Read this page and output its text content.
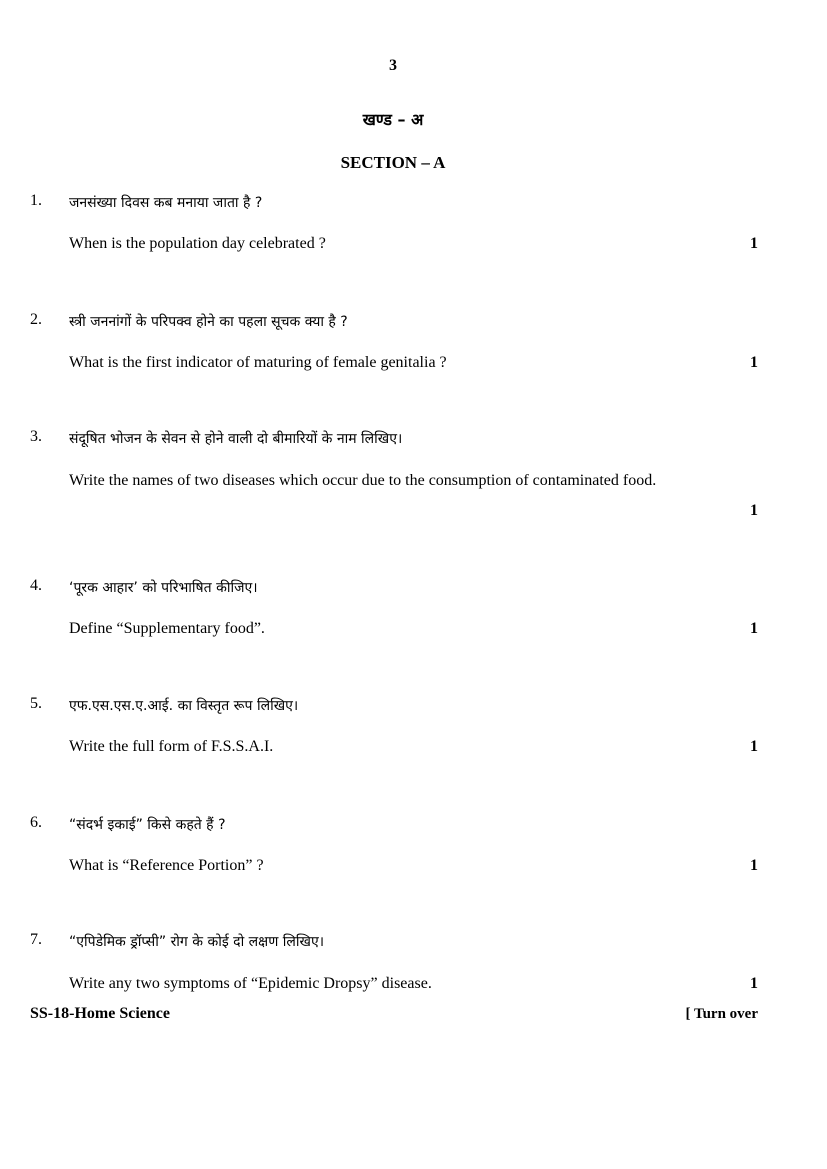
3
खण्ड – अ
SECTION – A
1. जनसंख्या दिवस कब मनाया जाता है ?
When is the population day celebrated ?	1
2. स्त्री जननांगों के परिपक्व होने का पहला सूचक क्या है ?
What is the first indicator of maturing of female genitalia ?	1
3. संदूषित भोजन के सेवन से होने वाली दो बीमारियों के नाम लिखिए।
Write the names of two diseases which occur due to the consumption of contaminated food.
1
4. ‘पूरक आहार’ को परिभाषित कीजिए।
Define “Supplementary food”.	1
5. एफ.एस.एस.ए.आई. का विस्तृत रूप लिखिए।
Write the full form of F.S.S.A.I.	1
6. “संदर्भ इकाई” किसे कहते हैं ?
What is “Reference Portion” ?	1
7. “एपिडेमिक ड्रॉप्सी” रोग के कोई दो लक्षण लिखिए।
Write any two symptoms of “Epidemic Dropsy” disease.	1
SS-18-Home Science	[ Turn over
